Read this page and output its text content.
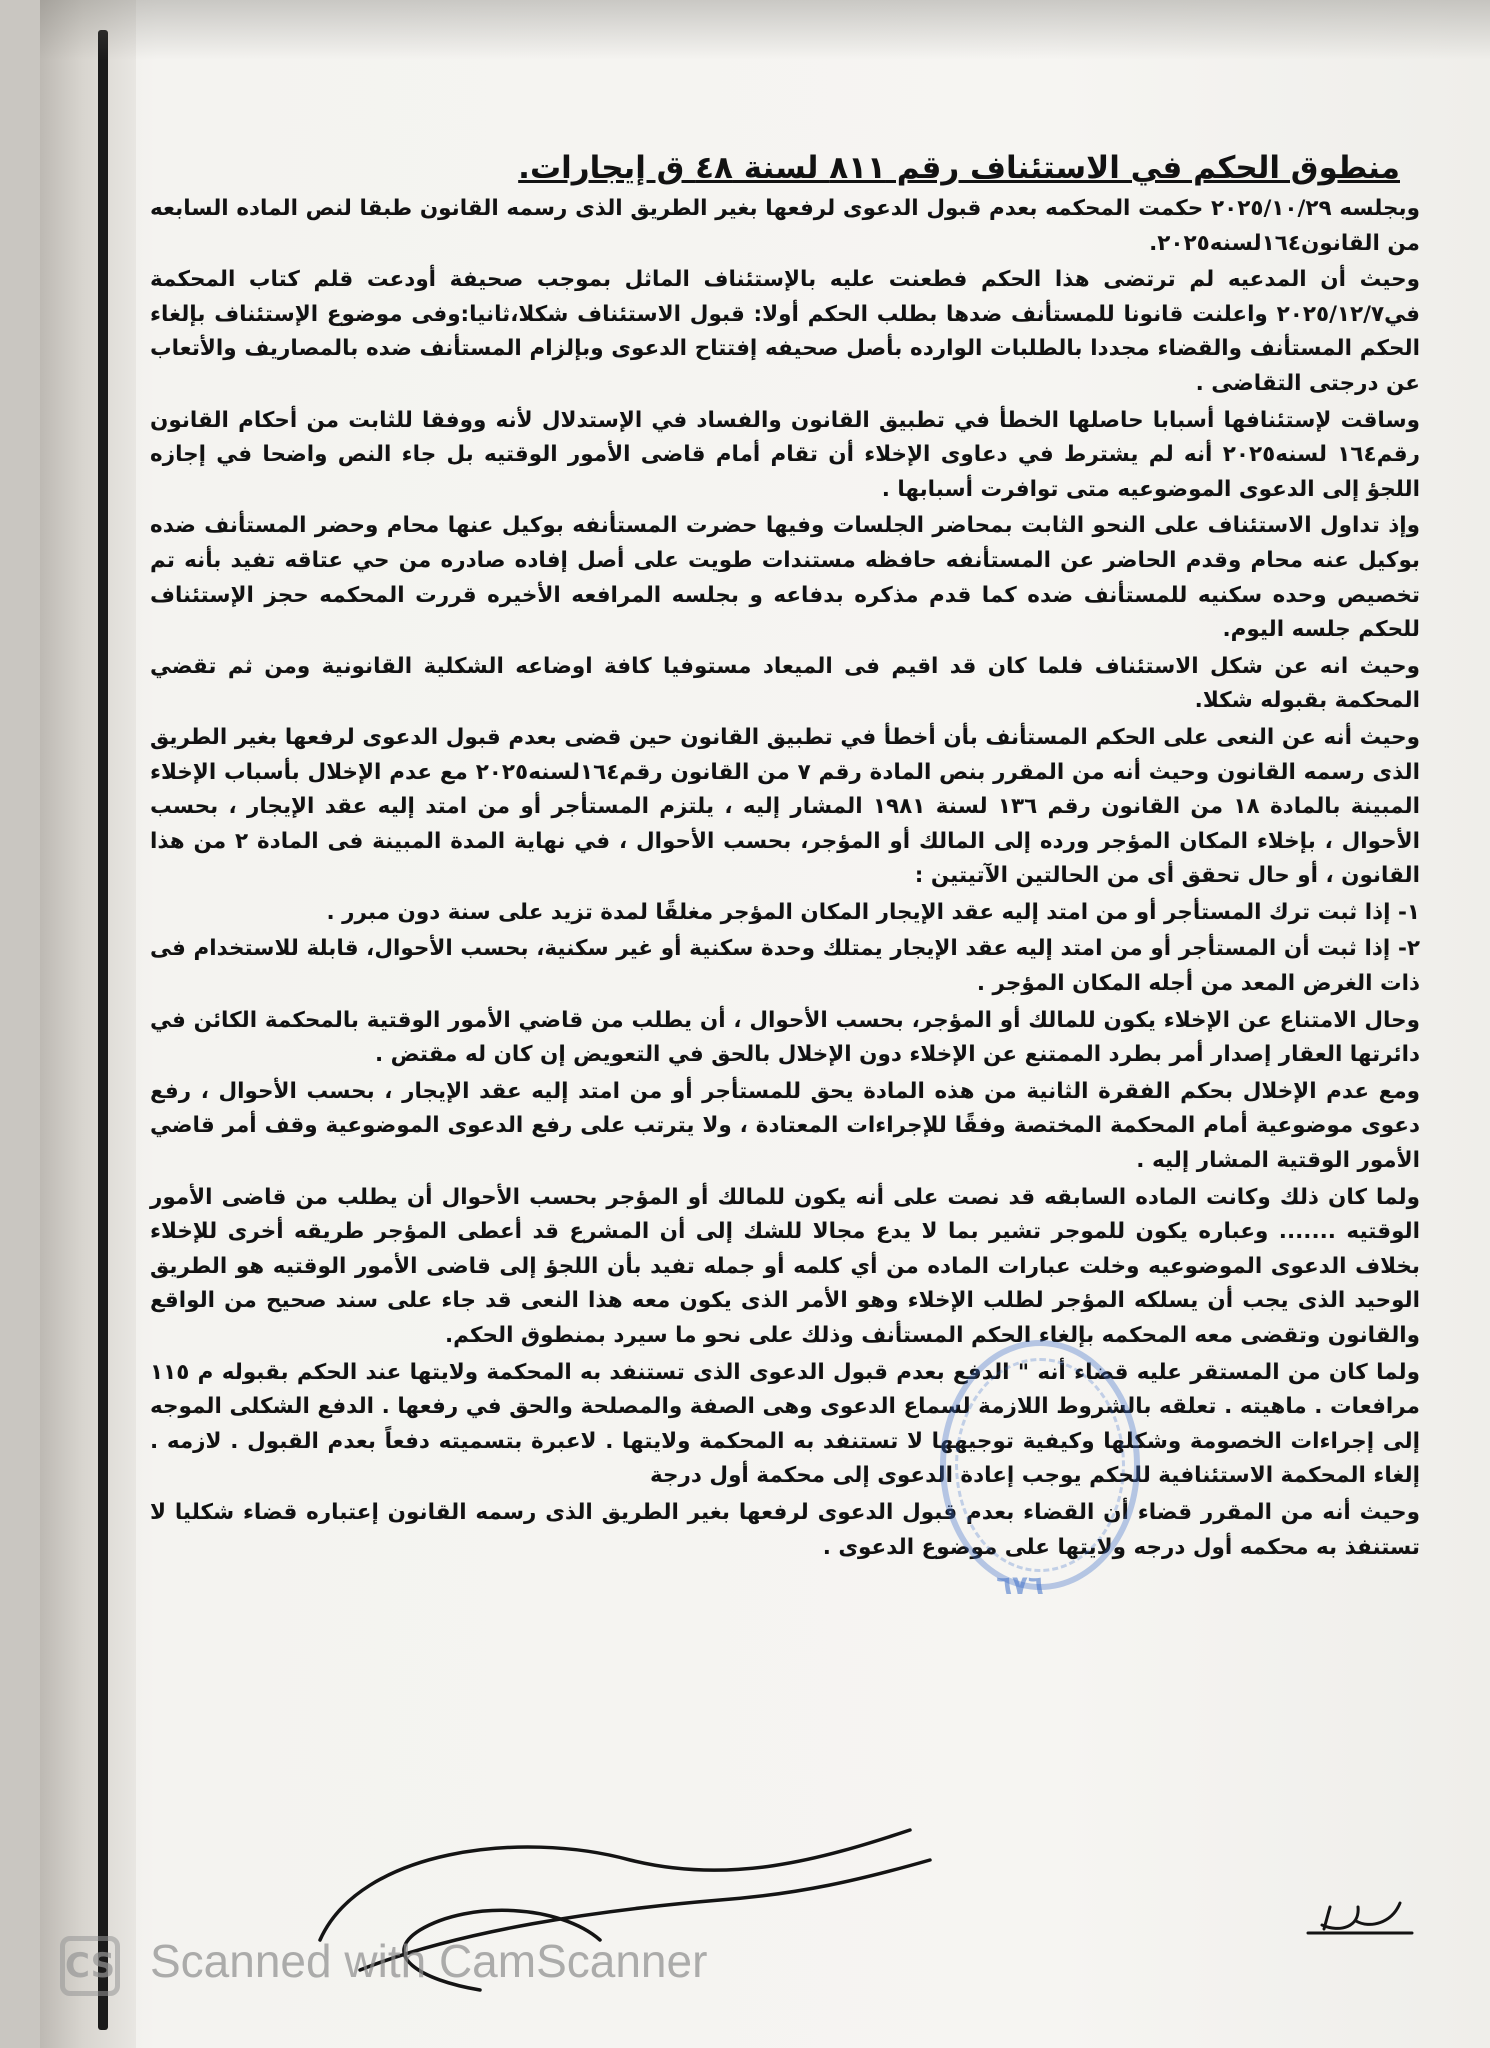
منطوق الحكم في الاستئناف رقم ٨١١ لسنة ٤٨ ق إيجارات.

وبجلسه ٢٠٢٥/١٠/٢٩ حكمت المحكمه بعدم قبول الدعوى لرفعها بغير الطريق الذى رسمه القانون طبقا لنص الماده السابعه من القانون١٦٤لسنه٢٠٢٥.

وحيث أن المدعيه لم ترتضى هذا الحكم فطعنت عليه بالإستئناف الماثل بموجب صحيفة أودعت قلم كتاب المحكمة في٢٠٢٥/١٢/٧ واعلنت قانونا للمستأنف ضدها بطلب الحكم أولا: قبول الاستئناف شكلا،ثانيا:وفى موضوع الإستئناف بإلغاء الحكم المستأنف والقضاء مجددا بالطلبات الوارده بأصل صحيفه إفتتاح الدعوى وبإلزام المستأنف ضده بالمصاريف والأتعاب عن درجتى التقاضى .

وساقت لإستئنافها أسبابا حاصلها الخطأ في تطبيق القانون والفساد في الإستدلال لأنه ووفقا للثابت من أحكام القانون رقم١٦٤ لسنه٢٠٢٥ أنه لم يشترط في دعاوى الإخلاء أن تقام أمام قاضى الأمور الوقتيه بل جاء النص واضحا في إجازه اللجؤ إلى الدعوى الموضوعيه متى توافرت أسبابها .

وإذ تداول الاستئناف على النحو الثابت بمحاضر الجلسات وفيها حضرت المستأنفه بوكيل عنها محام وحضر المستأنف ضده بوكيل عنه محام وقدم الحاضر عن المستأنفه حافظه مستندات طويت على أصل إفاده صادره من حي عتاقه تفيد بأنه تم تخصيص وحده سكنيه للمستأنف ضده كما قدم مذكره بدفاعه و بجلسه المرافعه الأخيره قررت المحكمه حجز الإستئناف للحكم جلسه اليوم.

وحيث انه عن شكل الاستئناف فلما كان قد اقيم فى الميعاد مستوفيا كافة اوضاعه الشكلية القانونية ومن ثم تقضي المحكمة بقبوله شكلا.

وحيث أنه عن النعى على الحكم المستأنف بأن أخطأ في تطبيق القانون حين قضى بعدم قبول الدعوى لرفعها بغير الطريق الذى رسمه القانون وحيث أنه من المقرر بنص المادة رقم ٧ من القانون رقم١٦٤لسنه٢٠٢٥ مع عدم الإخلال بأسباب الإخلاء المبينة بالمادة ١٨ من القانون رقم ١٣٦ لسنة ١٩٨١ المشار إليه ، يلتزم المستأجر أو من امتد إليه عقد الإيجار ، بحسب الأحوال ، بإخلاء المكان المؤجر ورده إلى المالك أو المؤجر، بحسب الأحوال ، في نهاية المدة المبينة فى المادة ٢ من هذا القانون ، أو حال تحقق أى من الحالتين الآتيتين :

١- إذا ثبت ترك المستأجر أو من امتد إليه عقد الإيجار المكان المؤجر مغلقًا لمدة تزيد على سنة دون مبرر .

٢- إذا ثبت أن المستأجر أو من امتد إليه عقد الإيجار يمتلك وحدة سكنية أو غير سكنية، بحسب الأحوال، قابلة للاستخدام فى ذات الغرض المعد من أجله المكان المؤجر .

وحال الامتناع عن الإخلاء يكون للمالك أو المؤجر، بحسب الأحوال ، أن يطلب من قاضي الأمور الوقتية بالمحكمة الكائن في دائرتها العقار إصدار أمر بطرد الممتنع عن الإخلاء دون الإخلال بالحق في التعويض إن كان له مقتض .

ومع عدم الإخلال بحكم الفقرة الثانية من هذه المادة يحق للمستأجر أو من امتد إليه عقد الإيجار ، بحسب الأحوال ، رفع دعوى موضوعية أمام المحكمة المختصة وفقًا للإجراءات المعتادة ، ولا يترتب على رفع الدعوى الموضوعية وقف أمر قاضي الأمور الوقتية المشار إليه .

ولما كان ذلك وكانت الماده السابقه قد نصت على أنه يكون للمالك أو المؤجر بحسب الأحوال أن يطلب من قاضى الأمور الوقتيه ....... وعباره يكون للموجر تشير بما لا يدع مجالا للشك إلى أن المشرع قد أعطى المؤجر طريقه أخرى للإخلاء بخلاف الدعوى الموضوعيه وخلت عبارات الماده من أي كلمه أو جمله تفيد بأن اللجؤ إلى قاضى الأمور الوقتيه هو الطريق الوحيد الذى يجب أن يسلكه المؤجر لطلب الإخلاء وهو الأمر الذى يكون معه هذا النعى قد جاء على سند صحيح من الواقع والقانون وتقضى معه المحكمه بإلغاء الحكم المستأنف وذلك على نحو ما سيرد بمنطوق الحكم.

ولما كان من المستقر عليه قضاء أنه " الدفع بعدم قبول الدعوى الذى تستنفد به المحكمة ولايتها عند الحكم بقبوله م ١١٥ مرافعات . ماهيته . تعلقه بالشروط اللازمة لسماع الدعوى وهى الصفة والمصلحة والحق في رفعها . الدفع الشكلى الموجه إلى إجراءات الخصومة وشكلها وكيفية توجيهها لا تستنفد به المحكمة ولايتها . لاعبرة بتسميته دفعاً بعدم القبول . لازمه . إلغاء المحكمة الاستئنافية للحكم يوجب إعادة الدعوى إلى محكمة أول درجة

وحيث أنه من المقرر قضاء أن القضاء بعدم قبول الدعوى لرفعها بغير الطريق الذى رسمه القانون إعتباره قضاء شكليا لا تستنفذ به محكمه أول درجه ولايتها على موضوع الدعوى .

٦٧٦
CS Scanned with CamScanner
